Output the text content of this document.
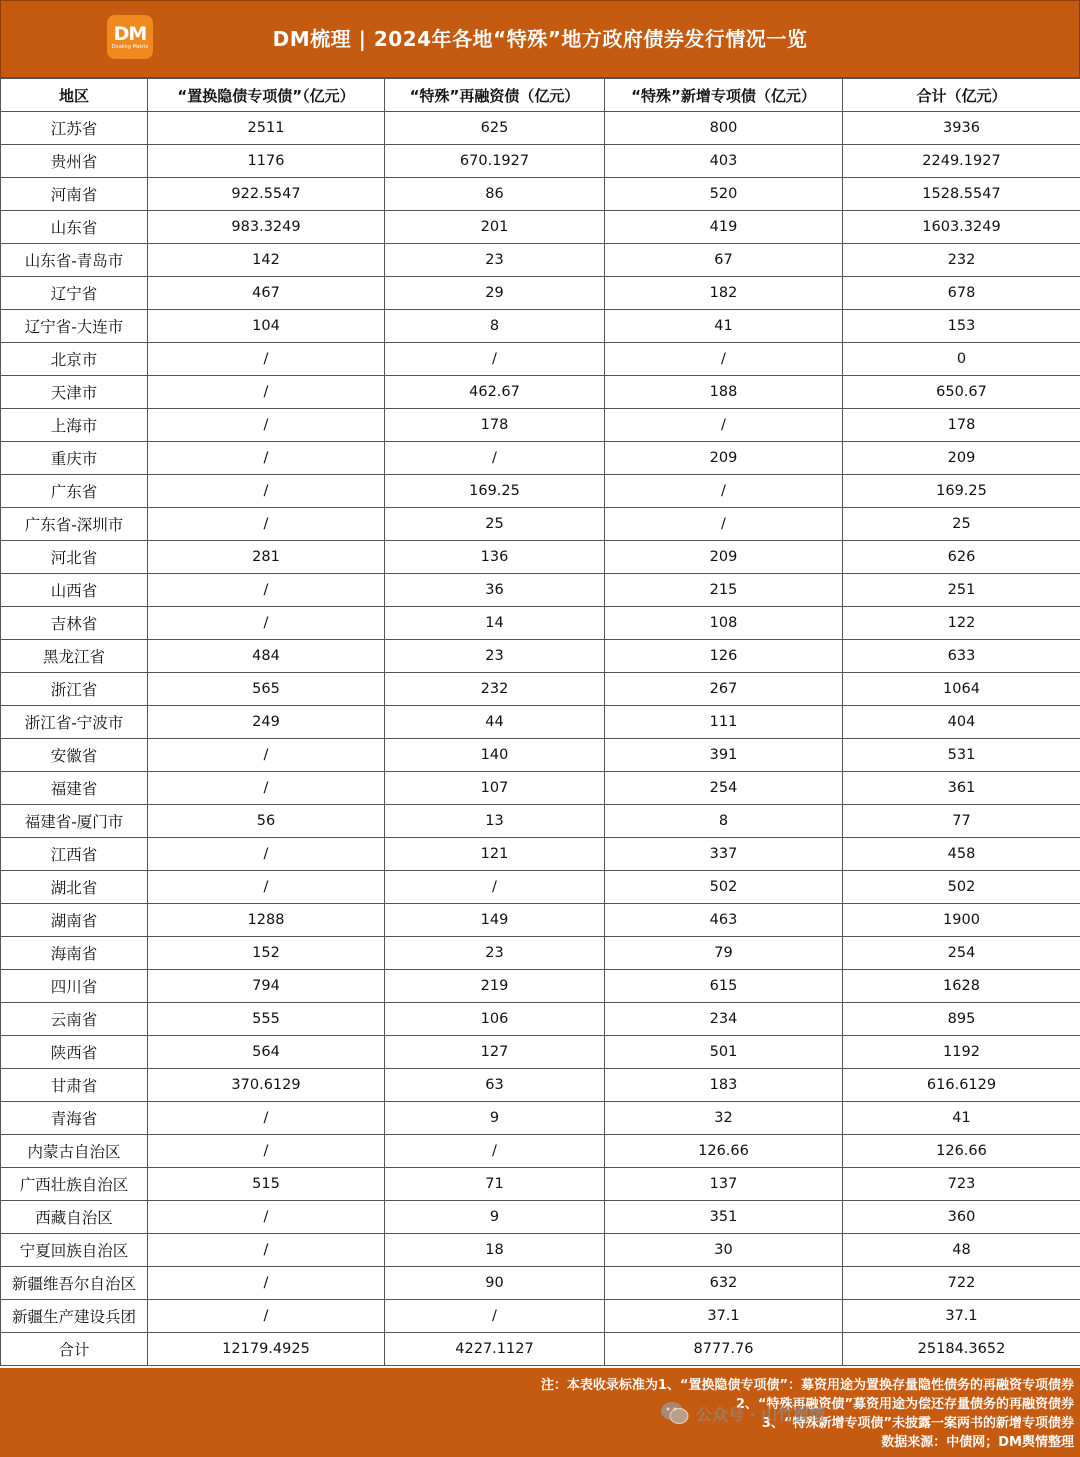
DM
Dealing Matrix	DM梳理 | 2024年各地“特殊”地方政府债券发行情况一览
地区	“置换隐债专项债”（亿元）	“特殊”再融资债（亿元）	“特殊”新增专项债（亿元）	合计（亿元）
江苏省	2511	625	800	3936
贵州省	1176	670.1927	403	2249.1927
河南省	922.5547	86	520	1528.5547
山东省	983.3249	201	419	1603.3249
山东省-青岛市	142	23	67	232
辽宁省	467	29	182	678
辽宁省-大连市	104	8	41	153
北京市	/	/	/	0
天津市	/	462.67	188	650.67
上海市	/	178	/	178
重庆市	/	/	209	209
广东省	/	169.25	/	169.25
广东省-深圳市	/	25	/	25
河北省	281	136	209	626
山西省	/	36	215	251
吉林省	/	14	108	122
黑龙江省	484	23	126	633
浙江省	565	232	267	1064
浙江省-宁波市	249	44	111	404
安徽省	/	140	391	531
福建省	/	107	254	361
福建省-厦门市	56	13	8	77
江西省	/	121	337	458
湖北省	/	/	502	502
湖南省	1288	149	463	1900
海南省	152	23	79	254
四川省	794	219	615	1628
云南省	555	106	234	895
陕西省	564	127	501	1192
甘肃省	370.6129	63	183	616.6129
青海省	/	9	32	41
内蒙古自治区	/	/	126.66	126.66
广西壮族自治区	515	71	137	723
西藏自治区	/	9	351	360
宁夏回族自治区	/	18	30	48
新疆维吾尔自治区	/	90	632	722
新疆生产建设兵团	/	/	37.1	37.1
合计	12179.4925	4227.1127	8777.76	25184.3652
注：本表收录标准为1、“置换隐债专项债”：募资用途为置换存量隐性债务的再融资专项债券
2、“特殊再融资债”募资用途为偿还存量债务的再融资债券
3、“特殊新增专项债”未披露一案两书的新增专项债券
数据来源：中债网；DM舆情整理
公众号 · 山竹舆情
